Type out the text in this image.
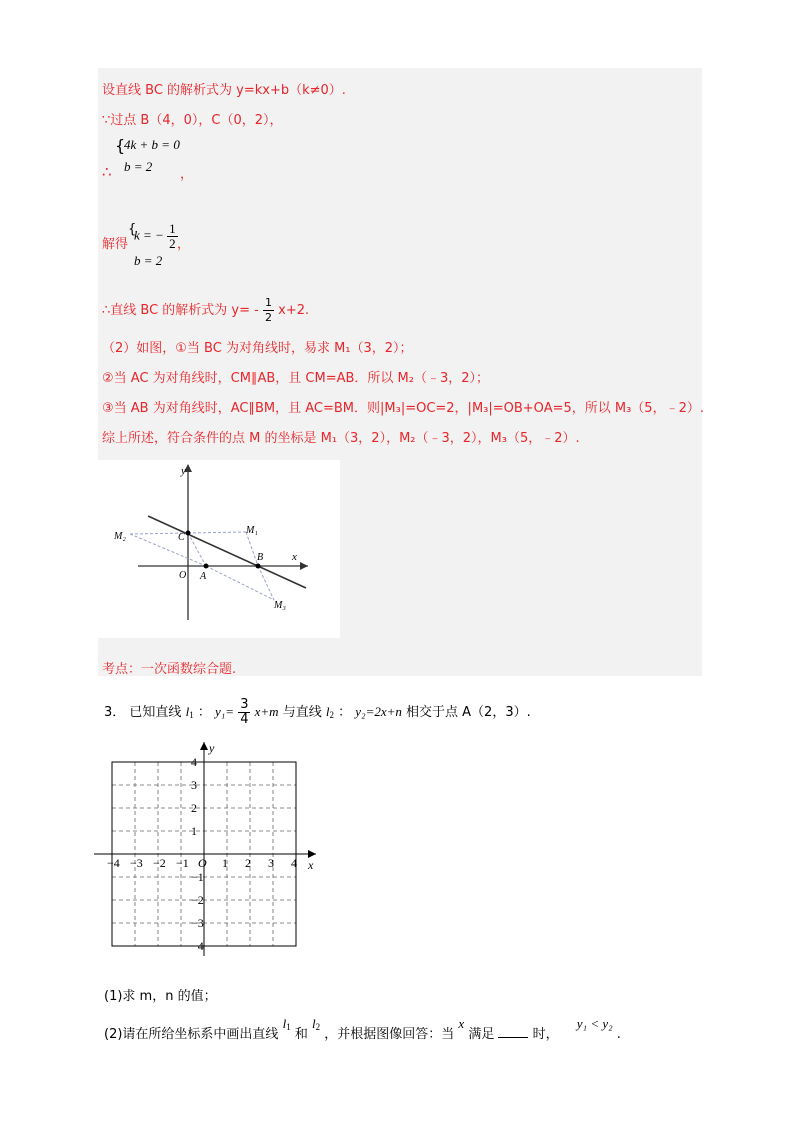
设直线 BC 的解析式为 y=kx+b（k≠0）.
∵过点 B（4，0），C（0，2），
∴
{
4k + b = 0
b = 2
，
解得
{
k = − $\frac{1}{2}$ ，
b = 2
∴直线 BC 的解析式为 $y= - \frac{1}{2} x+2$.
（2）如图，①当 BC 为对角线时，易求 M₁（3，2）；
②当 AC 为对角线时，CM∥AB，且 CM=AB．所以 M₂（﹣3，2）；
③当 AB 为对角线时，AC∥BM，且 AC=BM．则|M₃|=OC=2，|M₃|=OB+OA=5，所以 M₃（5，﹣2）.
综上所述，符合条件的点 M 的坐标是 M₁（3，2），M₂（﹣3，2），M₃（5，﹣2）.
y
x
C
B
O A
M₁
M₂
M₃
考点：一次函数综合题.
3． 已知直线 $l_1$ ： $y_1= \frac{3}{4} x+m$ 与直线 $l_2$ ： y₂=2x+n 相交于点 A（2，3）.
−4 −3 −2 −1	1 2 3 4
4
3
2
1
−1
−2
−3
−4
O	x
y
(1)求 m，n 的值；
(2)请在所给坐标系中画出直线 $l_1$ 和 $l_2$ ，并根据图像回答：当 x 满足	时， y₁ < y₂ .
